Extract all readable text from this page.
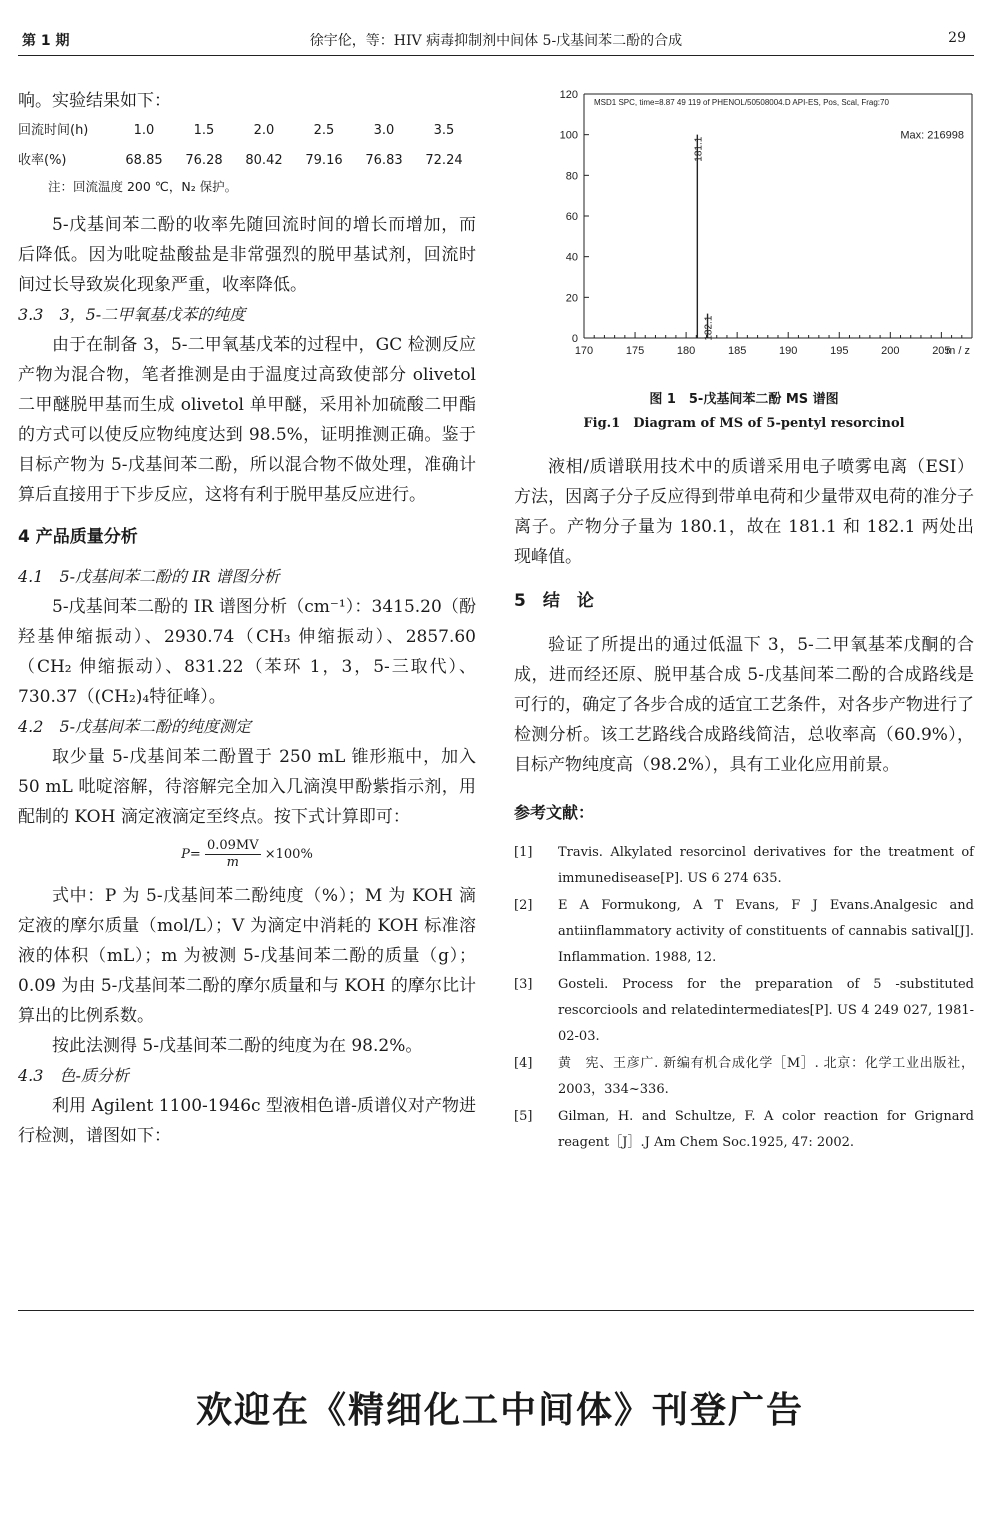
第 1 期	徐宇伦，等：HIV 病毒抑制剂中间体 5-戊基间苯二酚的合成	29
响。实验结果如下：
回流时间(h)	1.0	1.5	2.0	2.5	3.0	3.5
收率(%)	68.85	76.28	80.42	79.16	76.83	72.24
注：回流温度 200 ℃，N₂ 保护。
5-戊基间苯二酚的收率先随回流时间的增长而增加，而后降低。因为吡啶盐酸盐是非常强烈的脱甲基试剂，回流时间过长导致炭化现象严重，收率降低。
3.3　3，5-二甲氧基戊苯的纯度
由于在制备 3，5-二甲氧基戊苯的过程中，GC 检测反应产物为混合物，笔者推测是由于温度过高致使部分 olivetol 二甲醚脱甲基而生成 olivetol 单甲醚，采用补加硫酸二甲酯的方式可以使反应物纯度达到 98.5%，证明推测正确。鉴于目标产物为 5-戊基间苯二酚，所以混合物不做处理，准确计算后直接用于下步反应，这将有利于脱甲基反应进行。
4 产品质量分析
4.1　5-戊基间苯二酚的 IR 谱图分析
5-戊基间苯二酚的 IR 谱图分析（cm⁻¹）：3415.20（酚羟基伸缩振动）、2930.74（CH₃ 伸缩振动）、2857.60（CH₂ 伸缩振动）、831.22（苯环 1，3，5-三取代）、730.37（(CH₂)₄特征峰）。
4.2　5-戊基间苯二酚的纯度测定
取少量 5-戊基间苯二酚置于 250 mL 锥形瓶中，加入 50 mL 吡啶溶解，待溶解完全加入几滴溴甲酚紫指示剂，用配制的 KOH 滴定液滴定至终点。按下式计算即可：
$P= \frac{0.09MV}{m} \times 100\%$
式中：P 为 5-戊基间苯二酚纯度（%）；M 为 KOH 滴定液的摩尔质量（mol/L）；V 为滴定中消耗的 KOH 标准溶液的体积（mL）；m 为被测 5-戊基间苯二酚的质量（g）；0.09 为由 5-戊基间苯二酚的摩尔质量和与 KOH 的摩尔比计算出的比例系数。
按此法测得 5-戊基间苯二酚的纯度为在 98.2%。
4.3　色-质分析
利用 Agilent 1100-1946c 型液相色谱-质谱仪对产物进行检测，谱图如下：
MSD1 SPC, time=8.87 49 119 of PHENOL/50508004.D API-ES, Pos, Scal, Frag:70
Max: 216998
0
20
40
60
80
100
120
170	175	180	185	190	195	200	205
m / z
181.1
182.1
图 1　5-戊基间苯二酚 MS 谱图
Fig.1　Diagram of MS of 5-pentyl resorcinol
液相/质谱联用技术中的质谱采用电子喷雾电离（ESI）方法，因离子分子反应得到带单电荷和少量带双电荷的准分子离子。产物分子量为 180.1，故在 181.1 和 182.1 两处出现峰值。
5　结　论
验证了所提出的通过低温下 3，5-二甲氧基苯戊酮的合成，进而经还原、脱甲基合成 5-戊基间苯二酚的合成路线是可行的，确定了各步合成的适宜工艺条件，对各步产物进行了检测分析。该工艺路线合成路线简洁，总收率高（60.9%），目标产物纯度高（98.2%），具有工业化应用前景。
参考文献：
[1]	Travis. Alkylated resorcinol derivatives for the treatment of immunedisease[P]. US 6 274 635.
[2]	E A Formukong, A T Evans, F J Evans.Analgesic and antiinflammatory activity of constituents of cannabis satival[J]. Inflammation. 1988, 12.
[3]	Gosteli. Process for the preparation of 5 -substituted rescorciools and relatedintermediates[P]. US 4 249 027, 1981-02-03.
[4]	黄　宪、王彦广. 新编有机合成化学［M］. 北京：化学工业出版社，2003，334~336.
[5]	Gilman, H. and Schultze, F. A color reaction for Grignard reagent［J］.J Am Chem Soc.1925, 47: 2002.
欢迎在《精细化工中间体》刊登广告
